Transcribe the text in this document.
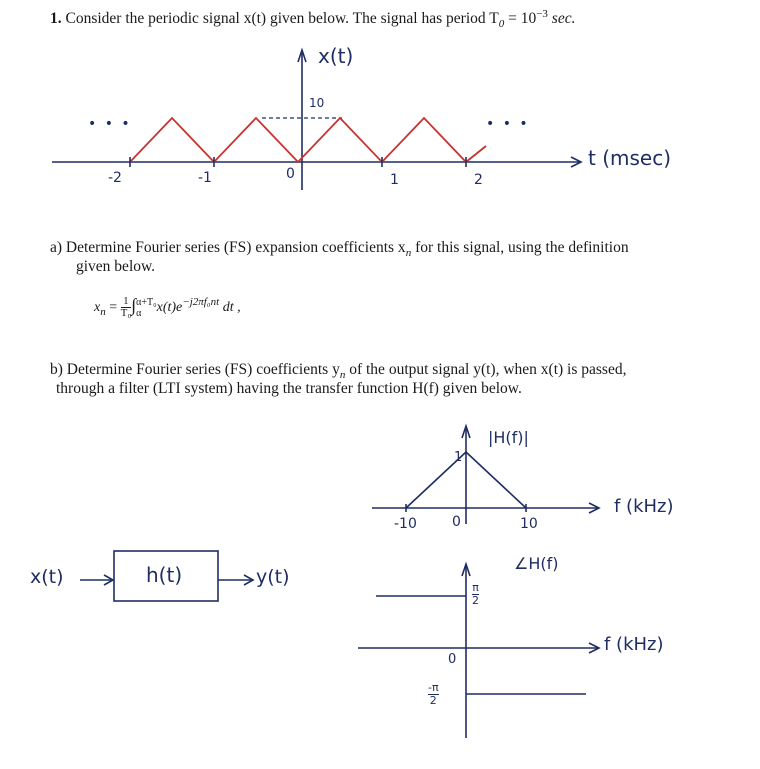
1. Consider the periodic signal x(t) given below. The signal has period $T_0 = 10^{-3}$ sec.
• • •	• • •
x(t)
10
t (msec)
-2	-1	0	1	2
a) Determine Fourier series (FS) expansion coefficients $x_n$ for this signal, using the definition
given below.
$x_n = \frac{1}{\text{T₀}}$ ∫ α+T₀
α	$x(t)e^{-j2\pi f_0nt}$ dt ,
b) Determine Fourier series (FS) coefficients $y_n$ of the output signal y(t), when x(t) is passed,
through a filter (LTI system) having the transfer function H(f) given below.
|H(f)|
1
-10	0	10
f (kHz)
x(t)	h(t)	y(t)
∠H(f)
$\frac{\pi}{2}$
0
$\frac{-\pi}{2}$
f (kHz)
